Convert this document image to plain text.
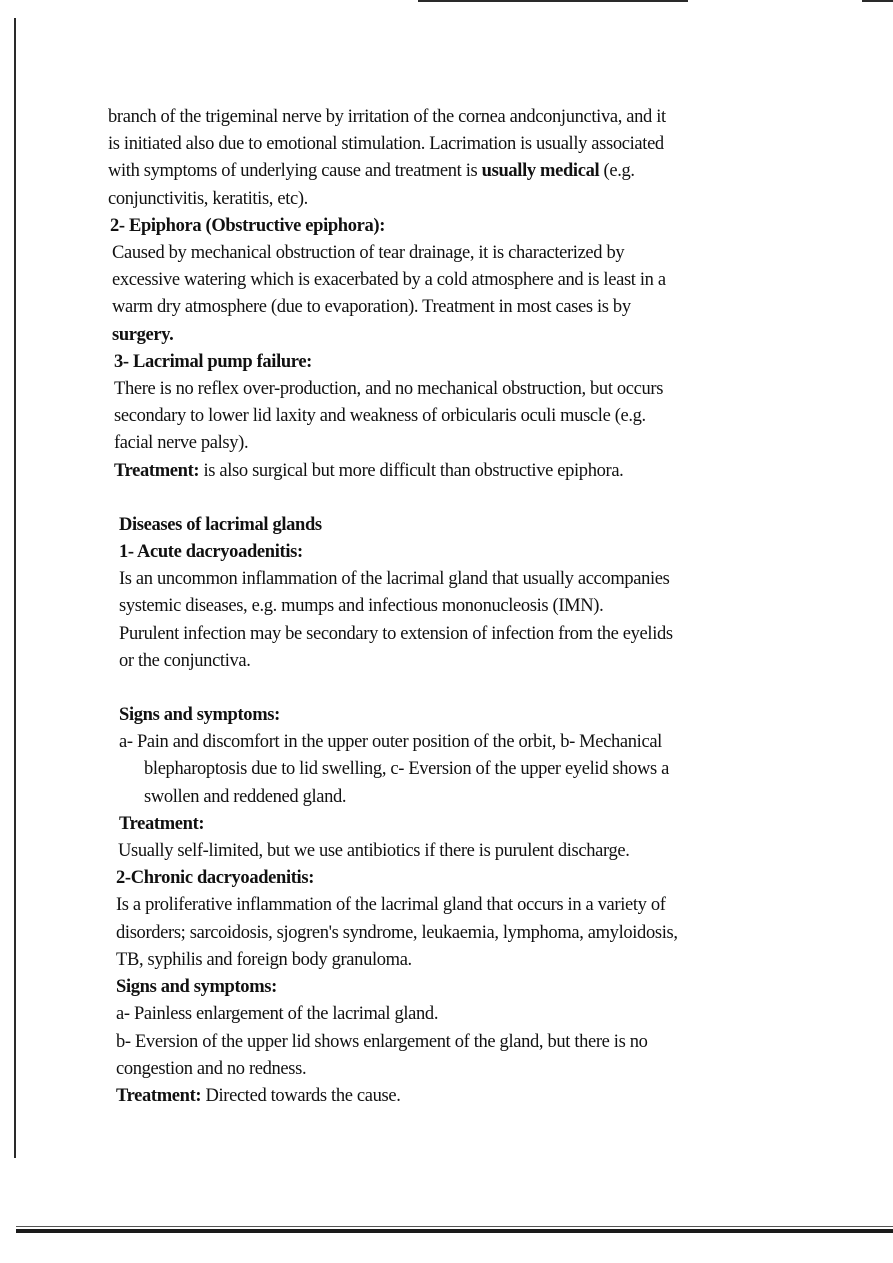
branch of the trigeminal nerve by irritation of the cornea andconjunctiva, and it
is initiated also due to emotional stimulation. Lacrimation is usually associated
with symptoms of underlying cause and treatment is usually medical (e.g.
conjunctivitis, keratitis, etc).
2- Epiphora (Obstructive epiphora):
Caused by mechanical obstruction of tear drainage, it is characterized by
excessive watering which is exacerbated by a cold atmosphere and is least in a
warm dry atmosphere (due to evaporation). Treatment in most cases is by
surgery.
3- Lacrimal pump failure:
There is no reflex over-production, and no mechanical obstruction, but occurs
secondary to lower lid laxity and weakness of orbicularis oculi muscle (e.g.
facial nerve palsy).
Treatment: is also surgical but more difficult than obstructive epiphora.
Diseases of lacrimal glands
1- Acute dacryoadenitis:
Is an uncommon inflammation of the lacrimal gland that usually accompanies
systemic diseases, e.g. mumps and infectious mononucleosis (IMN).
Purulent infection may be secondary to extension of infection from the eyelids
or the conjunctiva.
Signs and symptoms:
a- Pain and discomfort in the upper outer position of the orbit, b- Mechanical
blepharoptosis due to lid swelling, c- Eversion of the upper eyelid shows a
swollen and reddened gland.
Treatment:
Usually self-limited, but we use antibiotics if there is purulent discharge.
2-Chronic dacryoadenitis:
Is a proliferative inflammation of the lacrimal gland that occurs in a variety of
disorders; sarcoidosis, sjogren's syndrome, leukaemia, lymphoma, amyloidosis,
TB, syphilis and foreign body granuloma.
Signs and symptoms:
a- Painless enlargement of the lacrimal gland.
b- Eversion of the upper lid shows enlargement of the gland, but there is no
congestion and no redness.
Treatment: Directed towards the cause.
